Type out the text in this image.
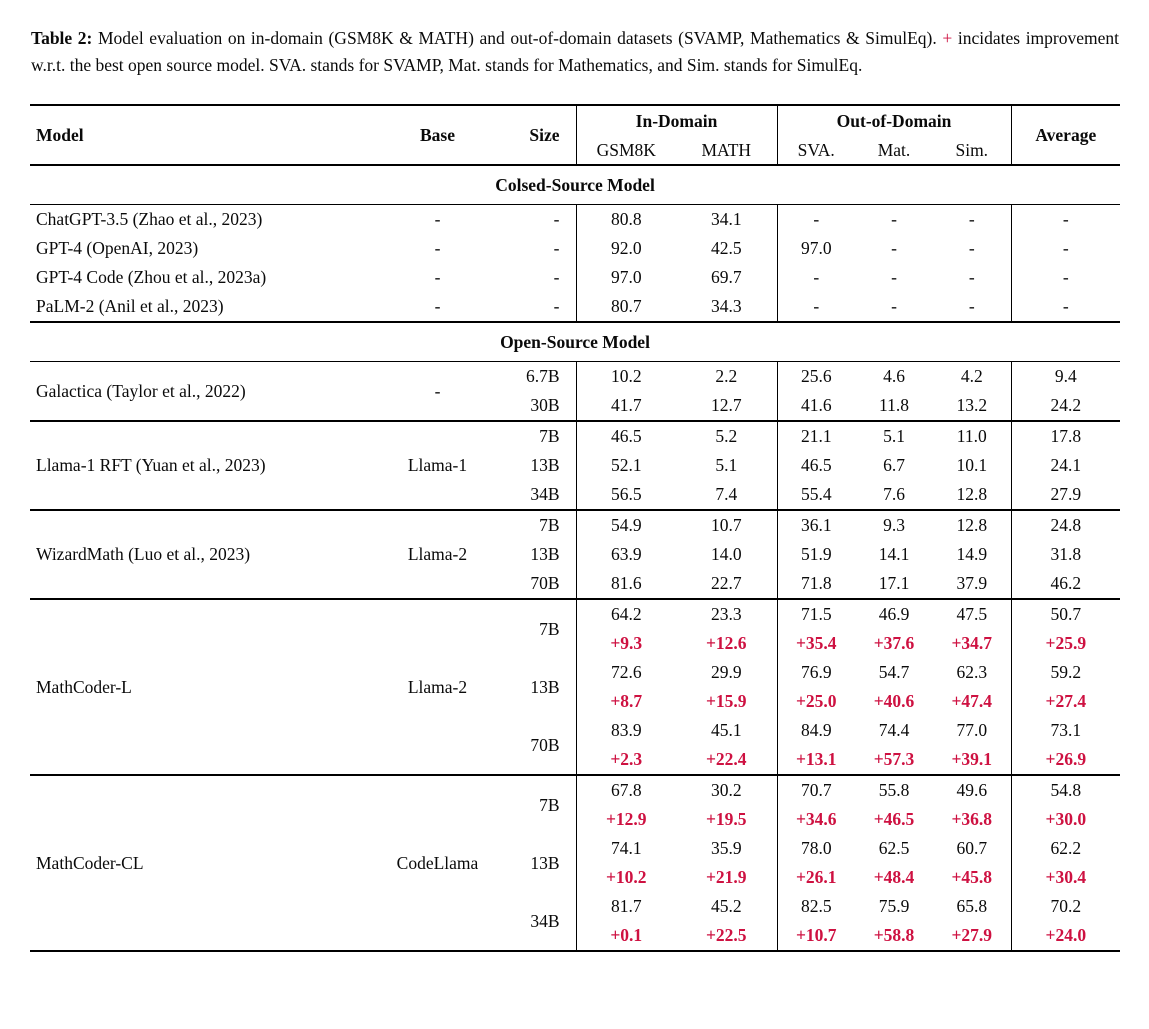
Table 2: Model evaluation on in-domain (GSM8K & MATH) and out-of-domain datasets (SVAMP, Mathematics & SimulEq). + incidates improvement w.r.t. the best open source model. SVA. stands for SVAMP, Mat. stands for Mathematics, and Sim. stands for SimulEq.
Model	Base	Size	In-Domain		Out-of-Domain			Average
			GSM8K	MATH	SVA.	Mat.	Sim.	
Colsed-Source Model								
ChatGPT-3.5 (Zhao et al., 2023)	-	-	80.8	34.1	-	-	-	-
GPT-4 (OpenAI, 2023)	-	-	92.0	42.5	97.0	-	-	-
GPT-4 Code (Zhou et al., 2023a)	-	-	97.0	69.7	-	-	-	-
PaLM-2 (Anil et al., 2023)	-	-	80.7	34.3	-	-	-	-
Open-Source Model								
Galactica (Taylor et al., 2022)	-	6.7B	10.2	2.2	25.6	4.6	4.2	9.4
		30B	41.7	12.7	41.6	11.8	13.2	24.2
Llama-1 RFT (Yuan et al., 2023)	Llama-1	7B	46.5	5.2	21.1	5.1	11.0	17.8
		13B	52.1	5.1	46.5	6.7	10.1	24.1
		34B	56.5	7.4	55.4	7.6	12.8	27.9
WizardMath (Luo et al., 2023)	Llama-2	7B	54.9	10.7	36.1	9.3	12.8	24.8
		13B	63.9	14.0	51.9	14.1	14.9	31.8
		70B	81.6	22.7	71.8	17.1	37.9	46.2
MathCoder-L	Llama-2	7B	64.2	23.3	71.5	46.9	47.5	50.7
			+9.3	+12.6	+35.4	+37.6	+34.7	+25.9
		13B	72.6	29.9	76.9	54.7	62.3	59.2
			+8.7	+15.9	+25.0	+40.6	+47.4	+27.4
		70B	83.9	45.1	84.9	74.4	77.0	73.1
			+2.3	+22.4	+13.1	+57.3	+39.1	+26.9
MathCoder-CL	CodeLlama	7B	67.8	30.2	70.7	55.8	49.6	54.8
			+12.9	+19.5	+34.6	+46.5	+36.8	+30.0
		13B	74.1	35.9	78.0	62.5	60.7	62.2
			+10.2	+21.9	+26.1	+48.4	+45.8	+30.4
		34B	81.7	45.2	82.5	75.9	65.8	70.2
			+0.1	+22.5	+10.7	+58.8	+27.9	+24.0
